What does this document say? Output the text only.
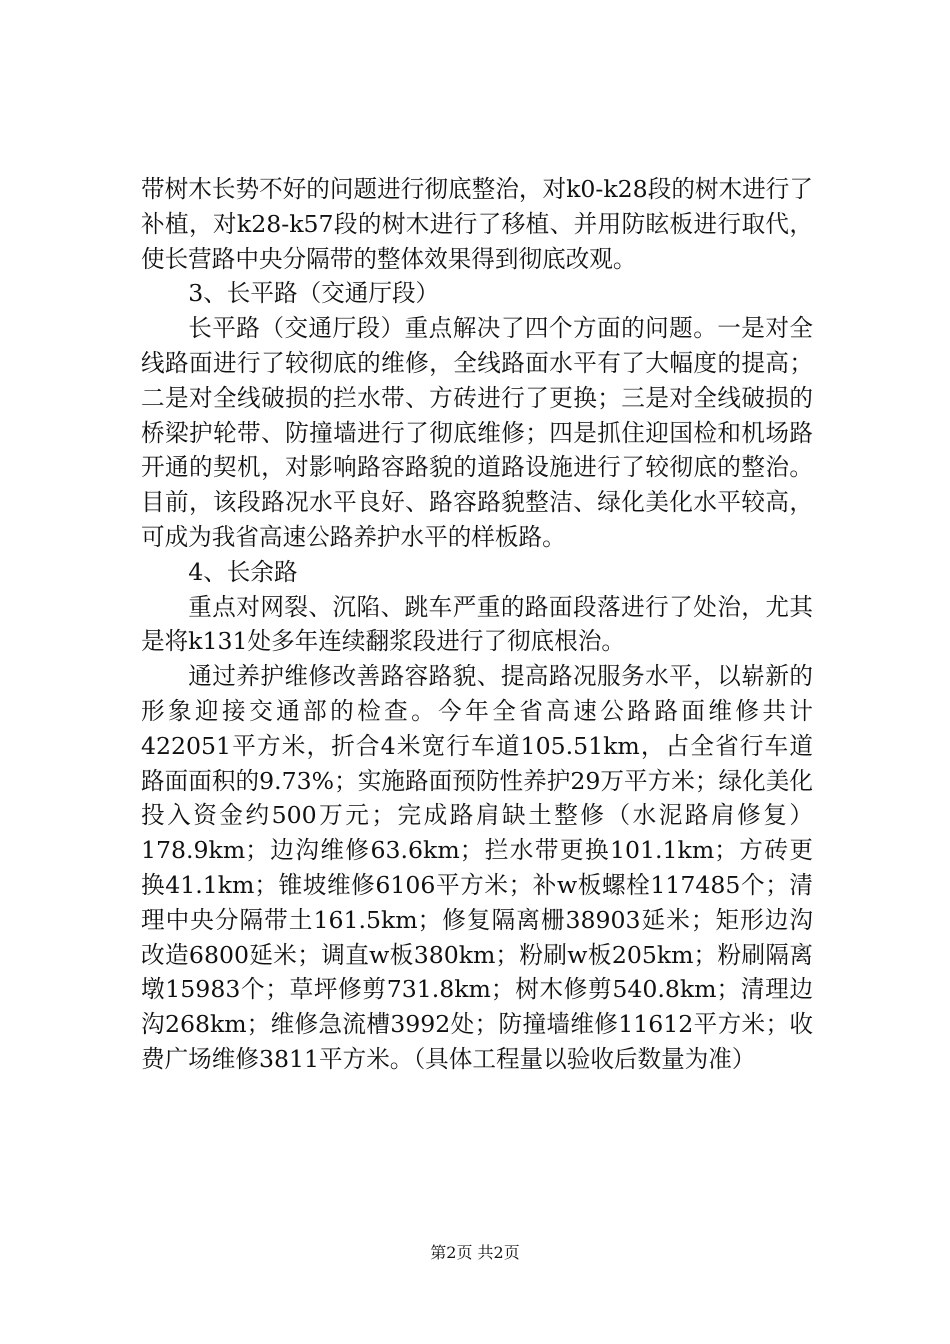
带树木长势不好的问题进行彻底整治，对k0-k28段的树木进行了补植，对k28-k57段的树木进行了移植、并用防眩板进行取代，使长营路中央分隔带的整体效果得到彻底改观。

3、长平路（交通厅段）

长平路（交通厅段）重点解决了四个方面的问题。一是对全线路面进行了较彻底的维修，全线路面水平有了大幅度的提高；二是对全线破损的拦水带、方砖进行了更换；三是对全线破损的桥梁护轮带、防撞墙进行了彻底维修；四是抓住迎国检和机场路开通的契机，对影响路容路貌的道路设施进行了较彻底的整治。目前，该段路况水平良好、路容路貌整洁、绿化美化水平较高，可成为我省高速公路养护水平的样板路。

4、长余路

重点对网裂、沉陷、跳车严重的路面段落进行了处治，尤其是将k131处多年连续翻浆段进行了彻底根治。

通过养护维修改善路容路貌、提高路况服务水平，以崭新的形象迎接交通部的检查。今年全省高速公路路面维修共计422051平方米，折合4米宽行车道105.51km，占全省行车道路面面积的9.73%；实施路面预防性养护29万平方米；绿化美化投入资金约500万元；完成路肩缺土整修（水泥路肩修复）178.9km；边沟维修63.6km；拦水带更换101.1km；方砖更换41.1km；锥坡维修6106平方米；补w板螺栓117485个；清理中央分隔带土161.5km；修复隔离栅38903延米；矩形边沟改造6800延米；调直w板380km；粉刷w板205km；粉刷隔离墩15983个；草坪修剪731.8km；树木修剪540.8km；清理边沟268km；维修急流槽3992处；防撞墙维修11612平方米；收费广场维修3811平方米。（具体工程量以验收后数量为准）

第2页 共2页
